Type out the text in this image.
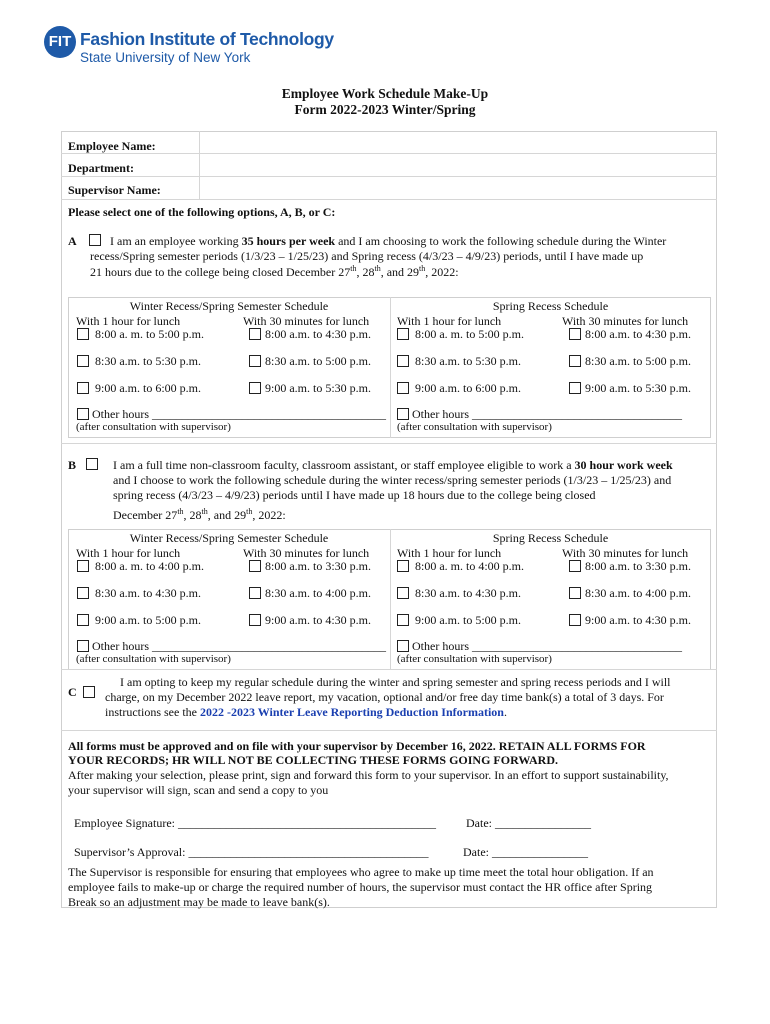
FIT Fashion Institute of Technology
State University of New York
Employee Work Schedule Make-Up
Form 2022-2023 Winter/Spring
Employee Name:
Department:
Supervisor Name:
Please select one of the following options, A, B, or C:
A	I am an employee working 35 hours per week and I am choosing to work the following schedule during the Winter
recess/Spring semester periods (1/3/23 – 1/25/23) and Spring recess (4/3/23 – 4/9/23) periods, until I have made up
21 hours due to the college being closed December 27th, 28th, and 29th, 2022:
Winter Recess/Spring Semester Schedule	Spring Recess Schedule
With 1 hour for lunch	With 30 minutes for lunch With 1 hour for lunch	With 30 minutes for lunch
8:00 a. m. to 5:00 p.m.	8:00 a.m. to 4:30 p.m.	8:00 a. m. to 5:00 p.m.	8:00 a.m. to 4:30 p.m.
8:30 a.m. to 5:30 p.m.	8:30 a.m. to 5:00 p.m.	8:30 a.m. to 5:30 p.m.	8:30 a.m. to 5:00 p.m.
9:00 a.m. to 6:00 p.m.	9:00 a.m. to 5:30 p.m.	9:00 a.m. to 6:00 p.m.	9:00 a.m. to 5:30 p.m.
Other hours _______________________________________ Other hours ___________________________________
(after consultation with supervisor)	(after consultation with supervisor)
B	I am a full time non-classroom faculty, classroom assistant, or staff employee eligible to work a 30 hour work week
and I choose to work the following schedule during the winter recess/spring semester periods (1/3/23 – 1/25/23) and
spring recess (4/3/23 – 4/9/23) periods until I have made up 18 hours due to the college being closed
December 27th, 28th, and 29th, 2022:
Winter Recess/Spring Semester Schedule	Spring Recess Schedule
With 1 hour for lunch	With 30 minutes for lunch With 1 hour for lunch	With 30 minutes for lunch
8:00 a. m. to 4:00 p.m.	8:00 a.m. to 3:30 p.m.	8:00 a. m. to 4:00 p.m.	8:00 a.m. to 3:30 p.m.
8:30 a.m. to 4:30 p.m.	8:30 a.m. to 4:00 p.m.	8:30 a.m. to 4:30 p.m.	8:30 a.m. to 4:00 p.m.
9:00 a.m. to 5:00 p.m.	9:00 a.m. to 4:30 p.m.	9:00 a.m. to 5:00 p.m.	9:00 a.m. to 4:30 p.m.
Other hours _______________________________________ Other hours ___________________________________
(after consultation with supervisor)	(after consultation with supervisor)
C
I am opting to keep my regular schedule during the winter and spring semester and spring recess periods and I will
charge, on my December 2022 leave report, my vacation, optional and/or free day time bank(s) a total of 3 days. For
instructions see the 2022 -2023 Winter Leave Reporting Deduction Information.
All forms must be approved and on file with your supervisor by December 16, 2022. RETAIN ALL FORMS FOR
YOUR RECORDS; HR WILL NOT BE COLLECTING THESE FORMS GOING FORWARD.
After making your selection, please print, sign and forward this form to your supervisor. In an effort to support sustainability,
your supervisor will sign, scan and send a copy to you
Employee Signature: ___________________________________________	Date: ________________
Supervisor’s Approval: ________________________________________	Date: ________________
The Supervisor is responsible for ensuring that employees who agree to make up time meet the total hour obligation. If an
employee fails to make-up or charge the required number of hours, the supervisor must contact the HR office after Spring
Break so an adjustment may be made to leave bank(s).
